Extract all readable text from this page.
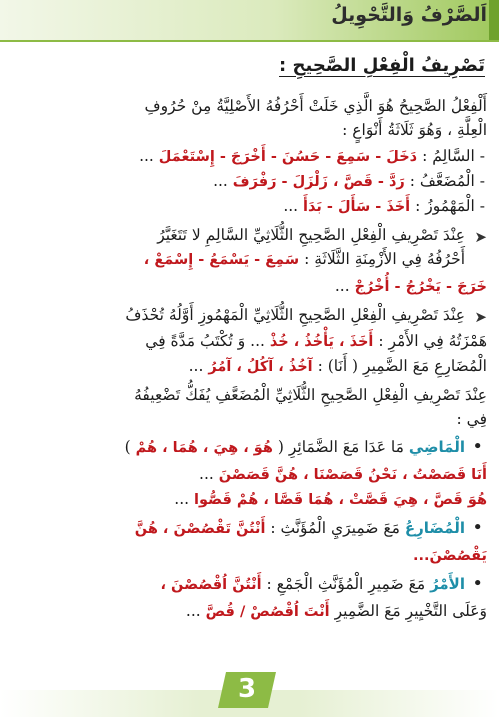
اَلصَّرْفُ وَالتَّحْوِيلُ
تَصْرِيفُ الْفِعْلِ الصَّحِيحِ :
أَلْفِعْلُ الصَّحِيحُ هُوَ الَّذِي خَلَتْ أَحْرُفُهُ الأَصْلِيَّةُ مِنْ حُرُوفِ
الْعِلَّةِ ، وَهُوَ ثَلَاثَةُ أَنْوَاعٍ :
- السَّالِمُ : دَخَلَ - سَمِعَ - حَسُنَ - أَخْرَجَ - إِسْتَعْمَلَ ...
- الْمُضَعَّفُ : رَدَّ - قَصَّ ، زَلْزَلَ - رَفْرَفَ ...
- الْمَهْمُوزُ : أَخَذَ - سَأَلَ - بَدَأَ ...
➤
عِنْدَ تَصْرِيفِ الْفِعْلِ الصَّحِيحِ الثُّلَاثِيِّ السَّالِمِ لا تَتَغَيَّرُ
أَحْرُفُهُ فِي الأَزْمِنَةِ الثَّلَاثَةِ : سَمِعَ - يَسْمَعُ - إِسْمَعْ ،
خَرَجَ - يَخْرُجُ - أُخْرُجْ ...
➤
عِنْدَ تَصْرِيفِ الْفِعْلِ الصَّحِيحِ الثُّلَاثِيِّ الْمَهْمُوزِ أَوَّلُهُ تُحْذَفُ
هَمْزَتُهُ فِي الأَمْرِ : أَخَذَ ، يَأْخُذُ ، خُذْ ... وَ تُكْتَبُ مَدَّةً فِي
الْمُضَارِعِ مَعَ الضَّمِيرِ ( أَنَا) : آخُذُ ، آكُلُ ، آمُرُ ...
عِنْدَ تَصْرِيفِ الْفِعْلِ الصَّحِيحِ الثُّلَاثِيِّ الْمُضَعَّفِ يُفَكُّ تَضْعِيفُهُ
فِي :
•
الْمَاضِي مَا عَدَا مَعَ الضَّمَائِرِ ( هُوَ ، هِيَ ، هُمَا ، هُمْ )
أَنَا قَصَصْتُ ، نَحْنُ قَصَصْنَا ، هُنَّ قَصَصْنَ ...
هُوَ قَصَّ ، هِيَ قَصَّتْ ، هُمَا قَصَّا ، هُمْ قَصُّوا ...
•
الْمُضَارِعُ مَعَ ضَمِيرَيِ الْمُؤَنَّثِ : أَنْتُنَّ تَقْصُصْنَ ، هُنَّ
يَقْصُصْنَ...
•
الأَمْرُ مَعَ ضَمِيرِ الْمُؤَنَّثِ الْجَمْعِ : أَنْتُنَّ اُقْصُصْنَ ،
وَعَلَى التَّخْيِيرِ مَعَ الضَّمِيرِ أَنْتَ اُقْصُصْ / قُصَّ ...
3
